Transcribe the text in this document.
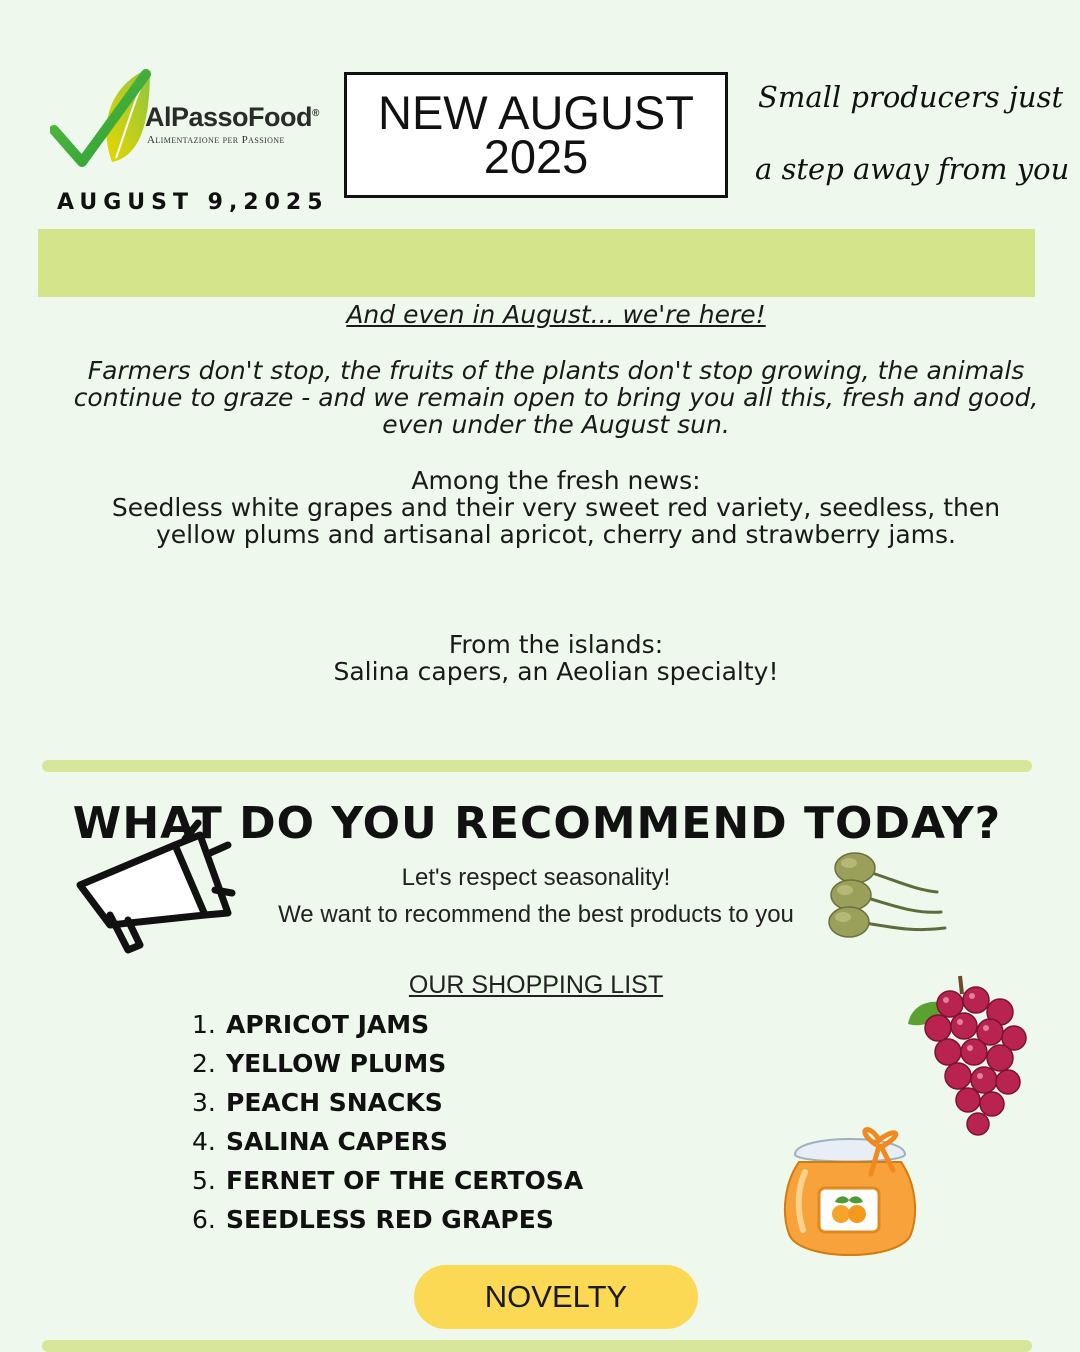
AlPassoFood®
Alimentazione per Passione
AUGUST 9,2025
NEW AUGUST
2025
Small producers just
a step away from you
And even in August... we're here!
Farmers don't stop, the fruits of the plants don't stop growing, the animals continue to graze - and we remain open to bring you all this, fresh and good, even under the August sun.
Among the fresh news:
Seedless white grapes and their very sweet red variety, seedless, then yellow plums and artisanal apricot, cherry and strawberry jams.
From the islands:
Salina capers, an Aeolian specialty!
WHAT DO YOU RECOMMEND TODAY?
Let's respect seasonality!
We want to recommend the best products to you
OUR SHOPPING LIST
1. APRICOT JAMS
2. YELLOW PLUMS
3. PEACH SNACKS
4. SALINA CAPERS
5. FERNET OF THE CERTOSA
6. SEEDLESS RED GRAPES
NOVELTY
